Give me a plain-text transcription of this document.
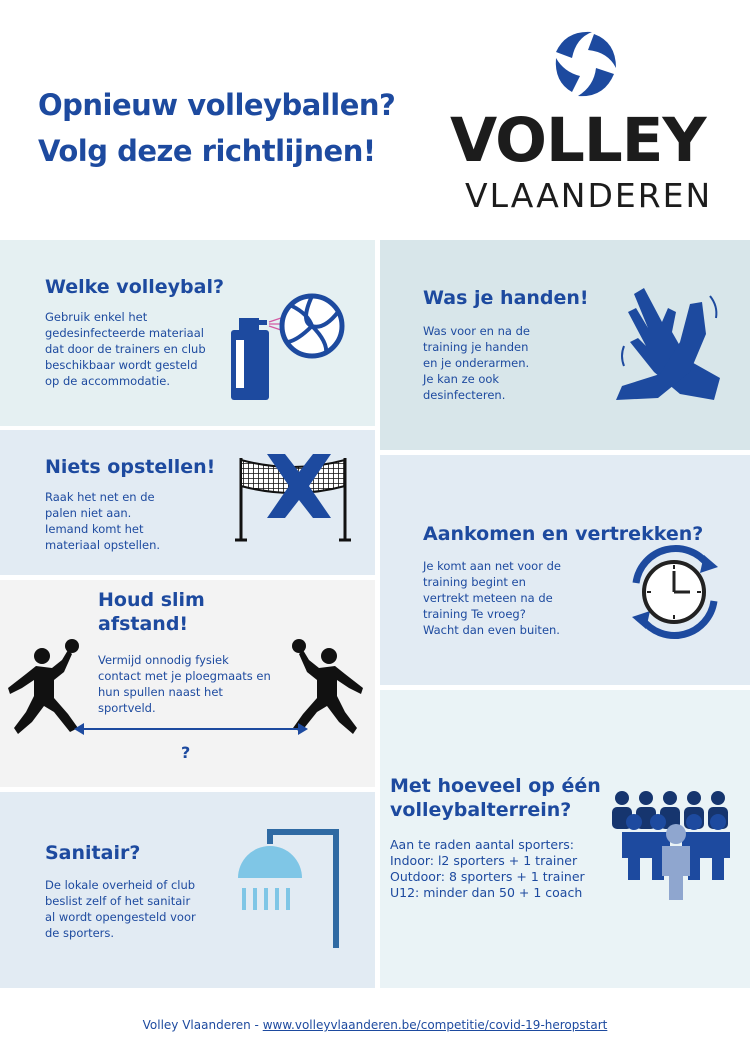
Opnieuw volleyballen?
Volg deze richtlijnen! VOLLEY
VLAANDEREN
Welke volleybal?
Gebruik enkel het
gedesinfecteerde materiaal
dat door de trainers en club
beschikbaar wordt gesteld
op de accommodatie.
Was je handen!
Was voor en na de
training je handen
en je onderarmen.
Je kan ze ook
desinfecteren.
Niets opstellen!
Raak het net en de
palen niet aan.
Iemand komt het
materiaal opstellen.	Aankomen en vertrekken?
Je komt aan net voor de
training begint en
vertrekt meteen na de
training Te vroeg?
Wacht dan even buiten.
Houd slim
afstand!
Vermijd onnodig fysiek
contact met je ploegmaats en
hun spullen naast het
sportveld.
?
Met hoeveel op één
volleybalterrein?
Aan te raden aantal sporters:
Indoor: l2 sporters + 1 trainer
Outdoor: 8 sporters + 1 trainer
U12: minder dan 50 + 1 coach
Sanitair?
De lokale overheid of club
beslist zelf of het sanitair
al wordt opengesteld voor
de sporters.
Volley Vlaanderen - www.volleyvlaanderen.be/competitie/covid-19-heropstart
